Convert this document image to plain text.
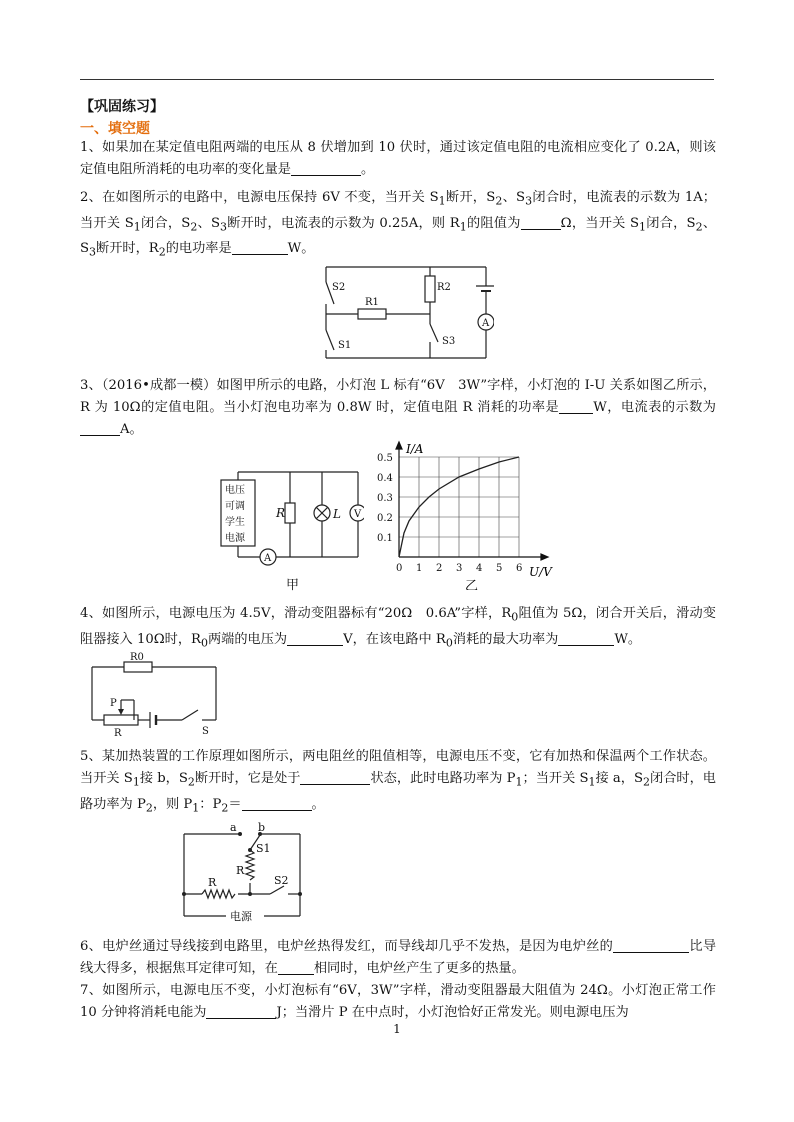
【巩固练习】
一、填空题
1、如果加在某定值电阻两端的电压从 8 伏增加到 10 伏时，通过该定值电阻的电流相应变化了 0.2A，则该定值电阻所消耗的电功率的变化量是	。
2、在如图所示的电路中，电源电压保持 6V 不变，当开关 $S_1$断开，$S_2$、$S_3$闭合时，电流表的示数为 1A；当开关 $S_1$闭合，$S_2$、$S_3$断开时，电流表的示数为 0.25A，则 $R_1$的阻值为	Ω，当开关 $S_1$闭合，$S_2$、$S_3$断开时，$R_2$的电功率是	W。
S2
R1
R2
A
S1	S3
3、（2016•成都一模）如图甲所示的电路，小灯泡 L 标有“6V　3W”字样，小灯泡的 I-U 关系如图乙所示，R 为 10Ω的定值电阻。当小灯泡电功率为 0.8W 时，定值电阻 R 消耗的功率是	W，电流表的示数为A。
电压
可调
学生
电源
R	L V
A
甲
0.1
0.2
0.3
0.4
0.5
0 1 2 3 4 5 6
I/A
U/V
乙
4、如图所示，电源电压为 4.5V，滑动变阻器标有“20Ω　0.6A”字样，$R_0$阻值为 5Ω，闭合开关后，滑动变阻器接入 10Ω时，$R_0$两端的电压为	V，在该电路中 $R_0$消耗的最大功率为	W。
R0
P
R	S
5、某加热装置的工作原理如图所示，两电阻丝的阻值相等，电源电压不变，它有加热和保温两个工作状态。当开关 $S_1$接 b，$S_2$断开时，它是处于	状态，此时电路功率为 $P_1$；当开关 $S_1$接 a，$S_2$闭合时，电路功率为 $P_2$，则 $P_1$：$P_2=$	。
a b
S1
R
R	S2
电源
6、电炉丝通过导线接到电路里，电炉丝热得发红，而导线却几乎不发热，是因为电炉丝的	比导线大得多，根据焦耳定律可知，在	相同时，电炉丝产生了更多的热量。
7、如图所示，电源电压不变，小灯泡标有“6V，3W”字样，滑动变阻器最大阻值为 24Ω。小灯泡正常工作 10 分钟将消耗电能为	J；当滑片 P 在中点时，小灯泡恰好正常发光。则电源电压为
1
